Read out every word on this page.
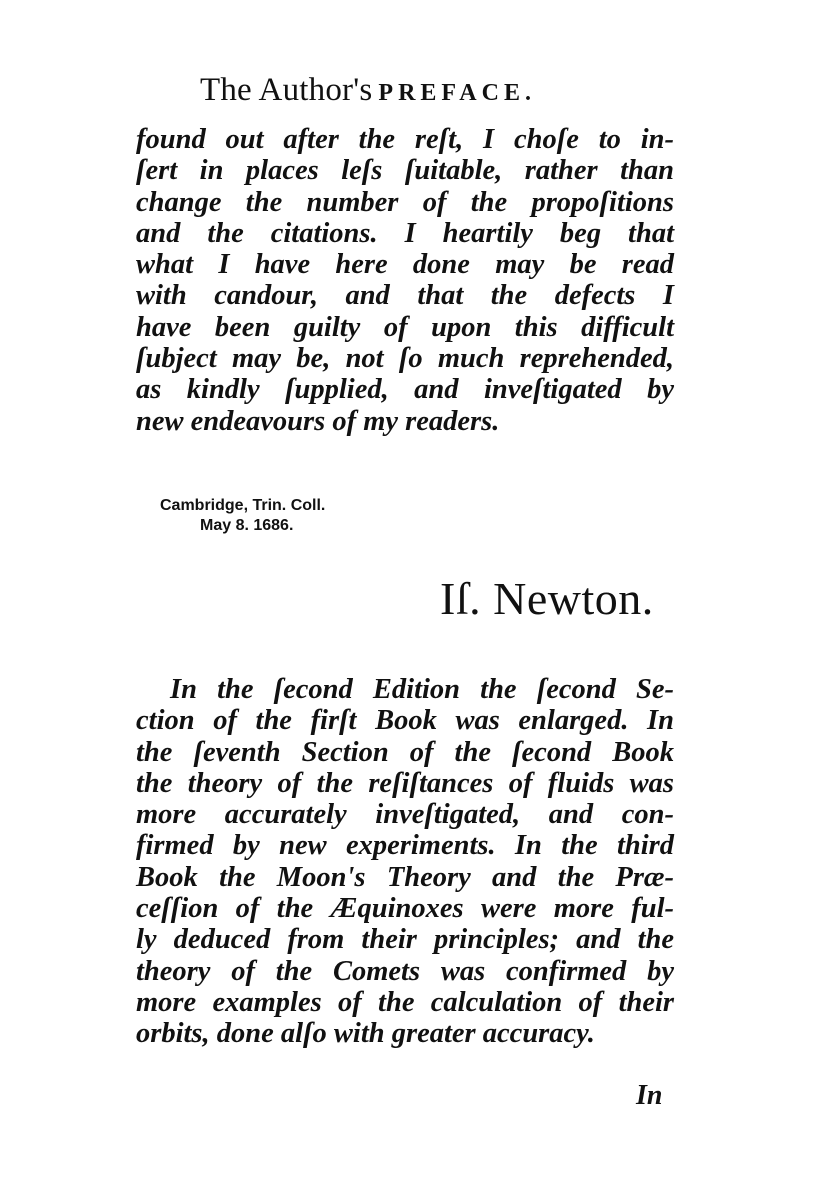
The Author's PREFACE.
found out after the reſt, I choſe to in-
ſert in places leſs ſuitable, rather than
change the number of the propoſitions
and the citations. I heartily beg that
what I have here done may be read
with candour, and that the defects I
have been guilty of upon this difficult
ſubject may be, not ſo much reprehended,
as kindly ſupplied, and inveſtigated by
new endeavours of my readers.
Cambridge, Trin. Coll.
May 8. 1686.
Iſ. Newton.
In the ſecond Edition the ſecond Se-
ction of the firſt Book was enlarged. In
the ſeventh Section of the ſecond Book
the theory of the reſiſtances of fluids was
more accurately inveſtigated, and con-
firmed by new experiments. In the third
Book the Moon's Theory and the Præ-
ceſſion of the Æquinoxes were more ful-
ly deduced from their principles; and the
theory of the Comets was confirmed by
more examples of the calculation of their
orbits, done alſo with greater accuracy.
In
